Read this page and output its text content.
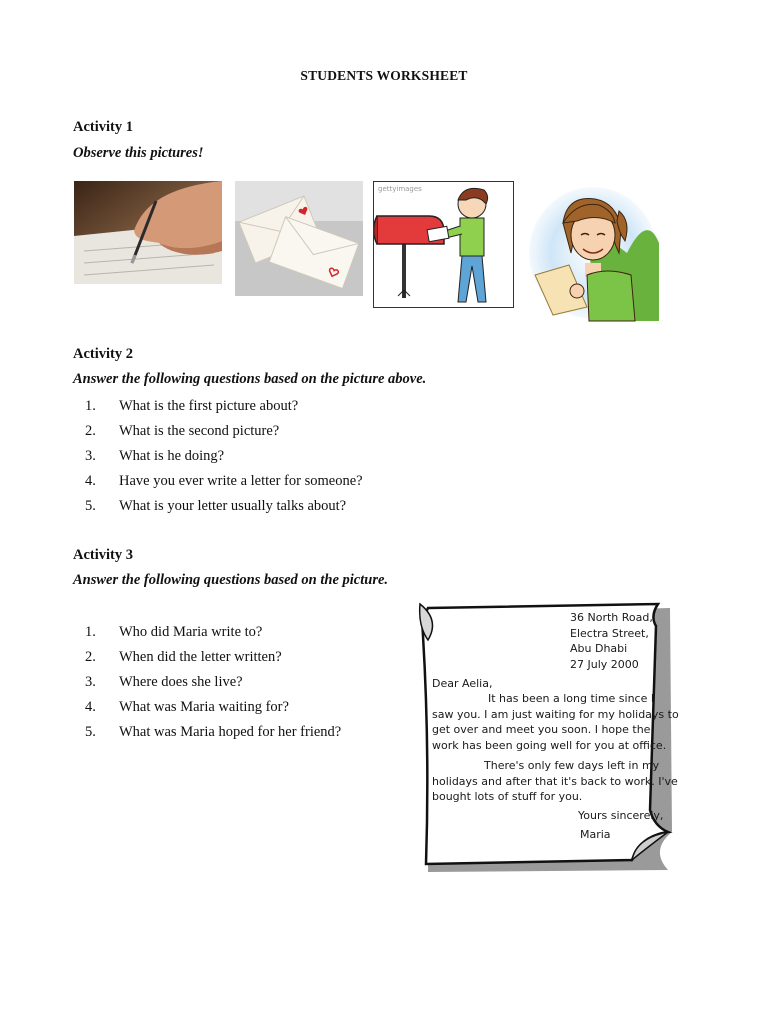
STUDENTS WORKSHEET
Activity 1
Observe this pictures!
gettyimages
Activity 2
Answer the following questions based on the picture above.
1.	What is the first picture about?
2.	What is the second picture?
3.	What is he doing?
4.	Have you ever write a letter for someone?
5.	What is your letter usually talks about?
Activity 3
Answer the following questions based on the picture.
1.	Who did Maria write to?
2.	When did the letter written?
3.	Where does she live?
4.	What was Maria waiting for?
5.	What was Maria hoped for her friend?
36 North Road,
Electra Street,
Abu Dhabi
27 July 2000
Dear Aelia,
It has been a long time since I
saw you. I am just waiting for my holidays to
get over and meet you soon. I hope the
work has been going well for you at office.
There's only few days left in my
holidays and after that it's back to work. I've
bought lots of stuff for you.
Yours sincerely,
Maria
